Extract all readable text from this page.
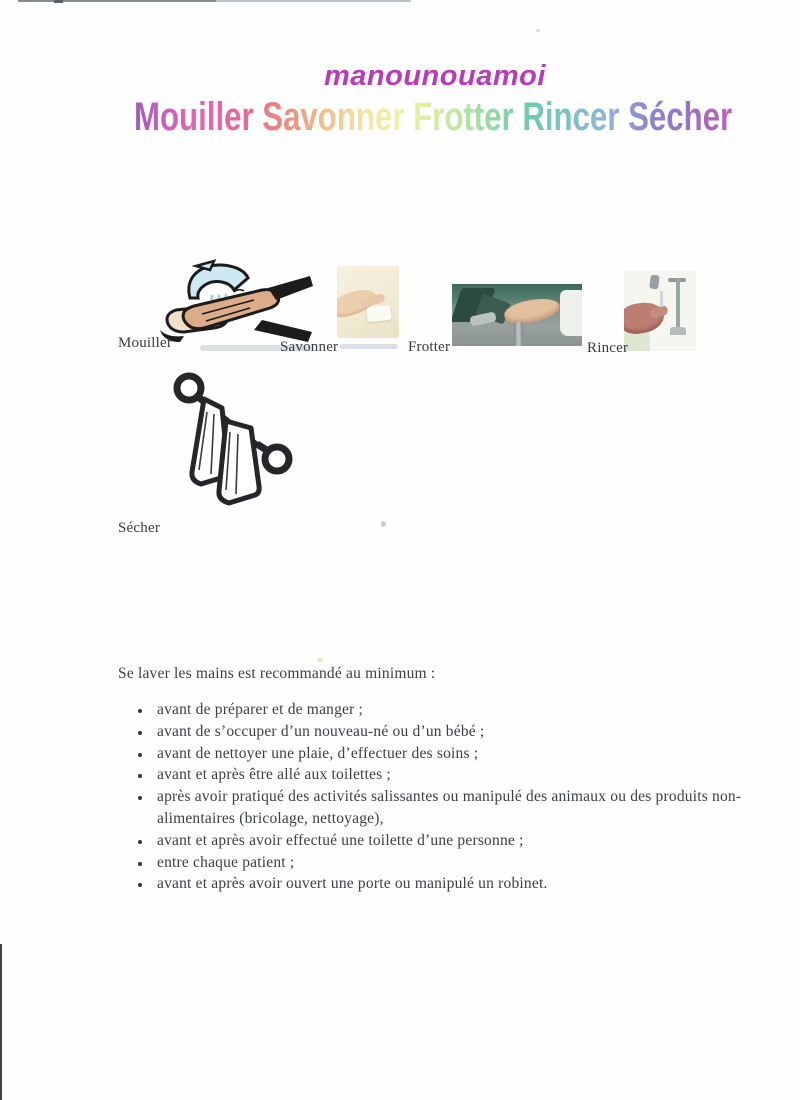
manounouamoi
Mouiller Savonner Frotter Rincer Sécher
Mouiller	Savonner	Frotter	Rincer
Sécher

Se laver les mains est recommandé au minimum :

• avant de préparer et de manger ;
• avant de s’occuper d’un nouveau-né ou d’un bébé ;
• avant de nettoyer une plaie, d’effectuer des soins ;
• avant et après être allé aux toilettes ;
• après avoir pratiqué des activités salissantes ou manipulé des animaux ou des produits non-alimentaires (bricolage, nettoyage),
• avant et après avoir effectué une toilette d’une personne ;
• entre chaque patient ;
• avant et après avoir ouvert une porte ou manipulé un robinet.
